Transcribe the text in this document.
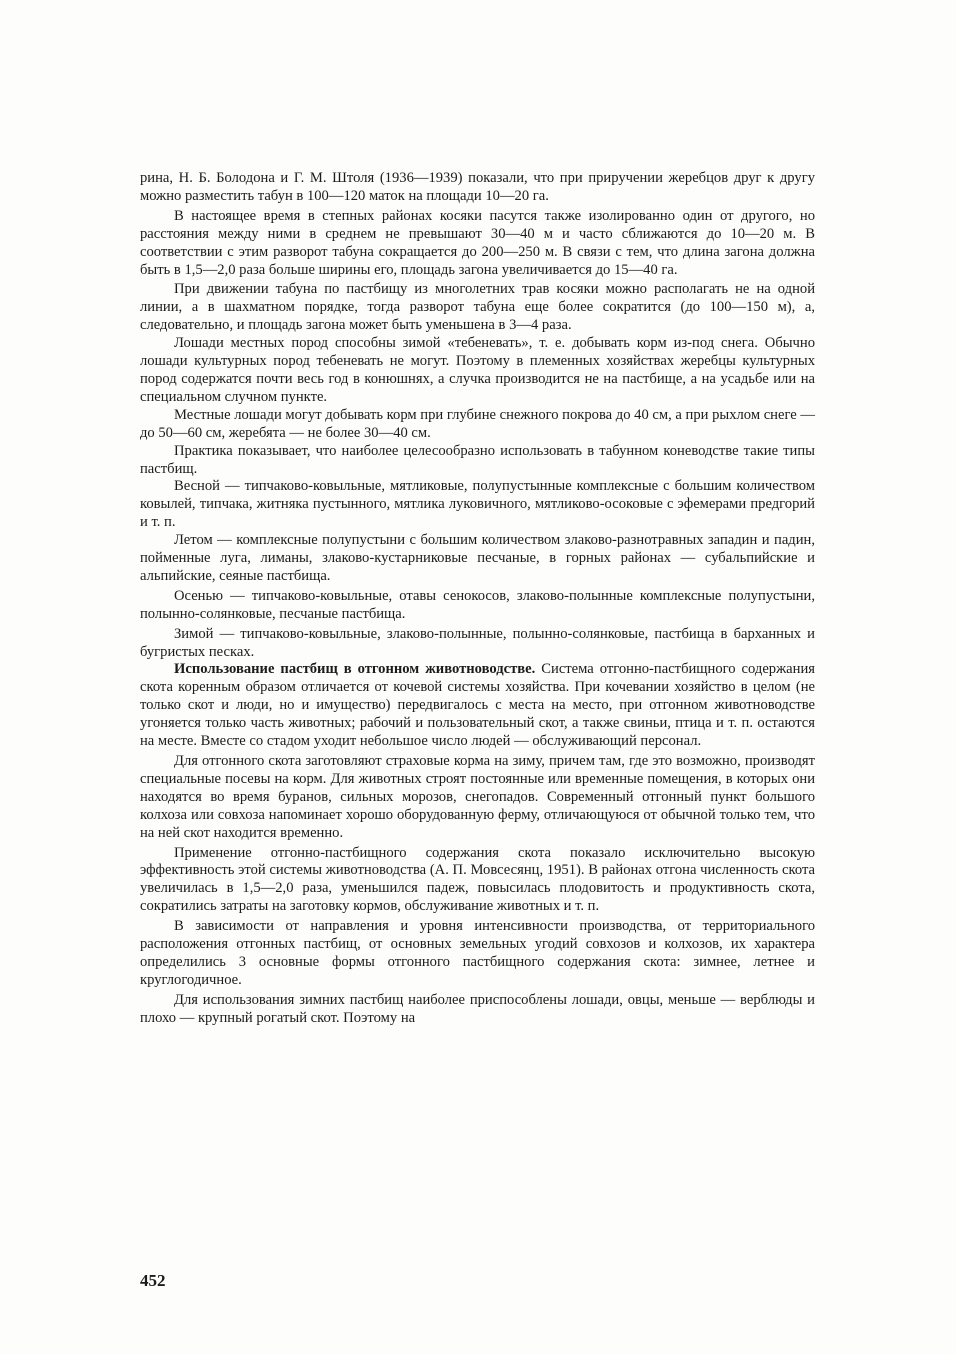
рина, Н. Б. Болодона и Г. М. Штоля (1936—1939) показали, что при приручении жеребцов друг к другу можно разместить табун в 100—120 маток на площади 10—20 га.

В настоящее время в степных районах косяки пасутся также изолированно один от другого, но расстояния между ними в среднем не превышают 30—40 м и часто сближаются до 10—20 м. В соответствии с этим разворот табуна сокращается до 200—250 м. В связи с тем, что длина загона должна быть в 1,5—2,0 раза больше ширины его, площадь загона увеличивается до 15—40 га.

При движении табуна по пастбищу из многолетних трав косяки можно располагать не на одной линии, а в шахматном порядке, тогда разворот табуна еще более сократится (до 100—150 м), а, следовательно, и площадь загона может быть уменьшена в 3—4 раза.

Лошади местных пород способны зимой «тебеневать», т. е. добывать корм из-под снега. Обычно лошади культурных пород тебеневать не могут. Поэтому в племенных хозяйствах жеребцы культурных пород содержатся почти весь год в конюшнях, а случка производится не на пастбище, а на усадьбе или на специальном случном пункте.

Местные лошади могут добывать корм при глубине снежного покрова до 40 см, а при рыхлом снеге — до 50—60 см, жеребята — не более 30—40 см.

Практика показывает, что наиболее целесообразно использовать в табунном коневодстве такие типы пастбищ.

Весной — типчаково-ковыльные, мятликовые, полупустынные комплексные с большим количеством ковылей, типчака, житняка пустынного, мятлика луковичного, мятликово-осоковые с эфемерами предгорий и т. п.

Летом — комплексные полупустыни с большим количеством злаково-разнотравных западин и падин, пойменные луга, лиманы, злаково-кустарниковые песчаные, в горных районах — субальпийские и альпийские, сеяные пастбища.

Осенью — типчаково-ковыльные, отавы сенокосов, злаково-полынные комплексные полупустыни, полынно-солянковые, песчаные пастбища.

Зимой — типчаково-ковыльные, злаково-полынные, полынно-солянковые, пастбища в барханных и бугристых песках.

Использование пастбищ в отгонном животноводстве. Система отгонно-пастбищного содержания скота коренным образом отличается от кочевой системы хозяйства. При кочевании хозяйство в целом (не только скот и люди, но и имущество) передвигалось с места на место, при отгонном животноводстве угоняется только часть животных; рабочий и пользовательный скот, а также свиньи, птица и т. п. остаются на месте. Вместе со стадом уходит небольшое число людей — обслуживающий персонал.

Для отгонного скота заготовляют страховые корма на зиму, причем там, где это возможно, производят специальные посевы на корм. Для животных строят постоянные или временные помещения, в которых они находятся во время буранов, сильных морозов, снегопадов. Современный отгонный пункт большого колхоза или совхоза напоминает хорошо оборудованную ферму, отличающуюся от обычной только тем, что на ней скот находится временно.

Применение отгонно-пастбищного содержания скота показало исключительно высокую эффективность этой системы животноводства (А. П. Мовсесянц, 1951). В районах отгона численность скота увеличилась в 1,5—2,0 раза, уменьшился падеж, повысилась плодовитость и продуктивность скота, сократились затраты на заготовку кормов, обслуживание животных и т. п.

В зависимости от направления и уровня интенсивности производства, от территориального расположения отгонных пастбищ, от основных земельных угодий совхозов и колхозов, их характера определились 3 основные формы отгонного пастбищного содержания скота: зимнее, летнее и круглогодичное.

Для использования зимних пастбищ наиболее приспособлены лошади, овцы, меньше — верблюды и плохо — крупный рогатый скот. Поэтому на

452
